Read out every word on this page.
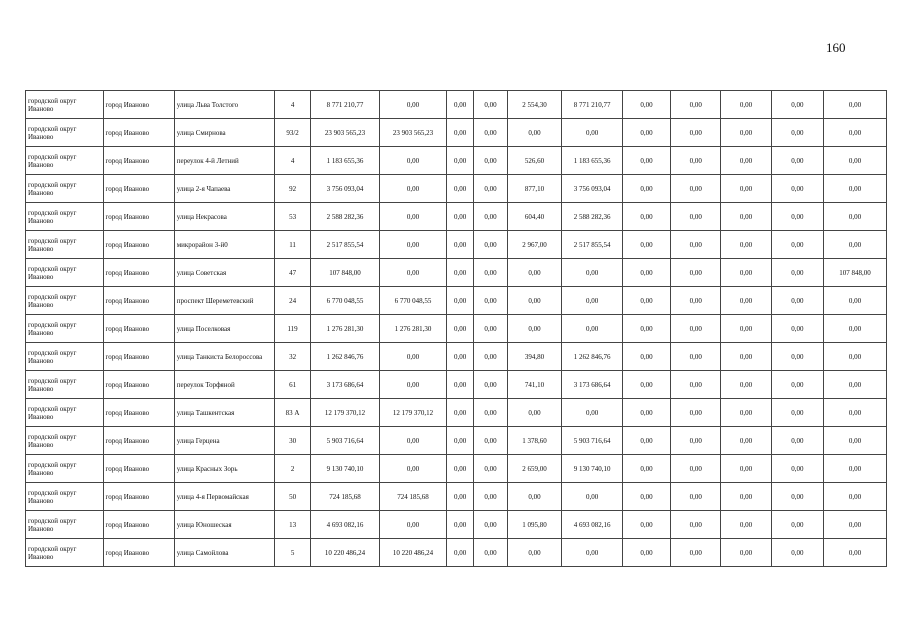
160
городской округ Иваново	город Иваново	улица Льва Толстого	4	8 771 210,77	0,00	0,00	0,00	2 554,30	8 771 210,77	0,00	0,00	0,00	0,00	0,00
городской округ Иваново	город Иваново	улица Смирнова	93/2	23 903 565,23	23 903 565,23	0,00	0,00	0,00	0,00	0,00	0,00	0,00	0,00	0,00
городской округ Иваново	город Иваново	переулок 4-й Летний	4	1 183 655,36	0,00	0,00	0,00	526,60	1 183 655,36	0,00	0,00	0,00	0,00	0,00
городской округ Иваново	город Иваново	улица 2-я Чапаева	92	3 756 093,04	0,00	0,00	0,00	877,10	3 756 093,04	0,00	0,00	0,00	0,00	0,00
городской округ Иваново	город Иваново	улица Некрасова	53	2 588 282,36	0,00	0,00	0,00	604,40	2 588 282,36	0,00	0,00	0,00	0,00	0,00
городской округ Иваново	город Иваново	микрорайон 3-й0	11	2 517 855,54	0,00	0,00	0,00	2 967,00	2 517 855,54	0,00	0,00	0,00	0,00	0,00
городской округ Иваново	город Иваново	улица Советская	47	107 848,00	0,00	0,00	0,00	0,00	0,00	0,00	0,00	0,00	0,00	107 848,00
городской округ Иваново	город Иваново	проспект Шереметевский	24	6 770 048,55	6 770 048,55	0,00	0,00	0,00	0,00	0,00	0,00	0,00	0,00	0,00
городской округ Иваново	город Иваново	улица Поселковая	119	1 276 281,30	1 276 281,30	0,00	0,00	0,00	0,00	0,00	0,00	0,00	0,00	0,00
городской округ Иваново	город Иваново	улица Танкиста Белороссова	32	1 262 846,76	0,00	0,00	0,00	394,80	1 262 846,76	0,00	0,00	0,00	0,00	0,00
городской округ Иваново	город Иваново	переулок Торфяной	61	3 173 686,64	0,00	0,00	0,00	741,10	3 173 686,64	0,00	0,00	0,00	0,00	0,00
городской округ Иваново	город Иваново	улица Ташкентская	83 А	12 179 370,12	12 179 370,12	0,00	0,00	0,00	0,00	0,00	0,00	0,00	0,00	0,00
городской округ Иваново	город Иваново	улица Герцена	30	5 903 716,64	0,00	0,00	0,00	1 378,60	5 903 716,64	0,00	0,00	0,00	0,00	0,00
городской округ Иваново	город Иваново	улица Красных Зорь	2	9 130 740,10	0,00	0,00	0,00	2 659,00	9 130 740,10	0,00	0,00	0,00	0,00	0,00
городской округ Иваново	город Иваново	улица 4-я Первомайская	50	724 185,68	724 185,68	0,00	0,00	0,00	0,00	0,00	0,00	0,00	0,00	0,00
городской округ Иваново	город Иваново	улица Юношеская	13	4 693 082,16	0,00	0,00	0,00	1 095,80	4 693 082,16	0,00	0,00	0,00	0,00	0,00
городской округ Иваново	город Иваново	улица Самойлова	5	10 220 486,24	10 220 486,24	0,00	0,00	0,00	0,00	0,00	0,00	0,00	0,00	0,00
